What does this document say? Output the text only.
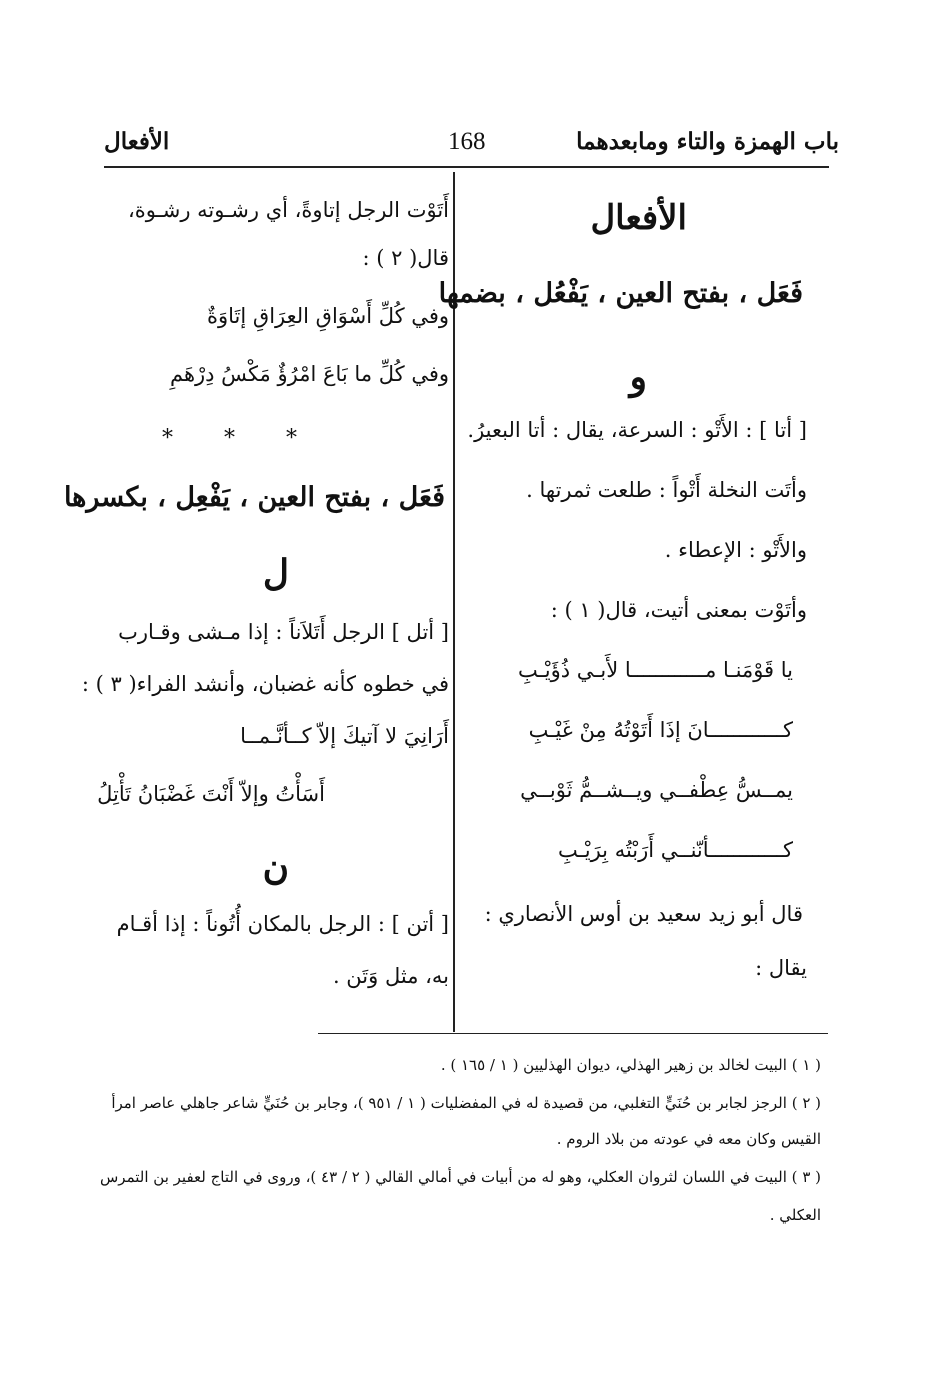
باب الهمزة والتاء ومابعدهما
168
الأفعال
الأفعال
فَعَل ، بفتح العين ، يَفْعُل ، بضمها
و
[ أتا ] : الأَتْو : السرعة، يقال : أتا البعيرُ.
وأتَت النخلة أَتْواً : طلعت ثمرتها .
والأَتْو : الإعطاء .
وأتَوْت بمعنى أتيت، قال( ١ ) :
يا قَوْمَنـا مــــــــــــا لأَبـي ذُؤَيْـبِ
كــــــــــــانَ إذَا أَتَوْتُهُ مِنْ غَيْـبِ
يمــسُّ عِطْفــي ويــشــمُّ ثَوْبــي
كــــــــــــأنّنــي أَرَبْتُه بِرَيْـبِ
قال أبو زيد سعيد بن أوس الأنصاري :
يقال :
أَتَوْت الرجل إتاوةً، أي رشـوته رشـوة،
قال( ٢ ) :
وفي كُلِّ أَسْوَاقِ العِرَاقِ إتَاوَةٌ
وفي كُلِّ ما بَاعَ امْرُؤٌ مَكْسُ دِرْهَمِ
* * *
فَعَل ، بفتح العين ، يَفْعِل ، بكسرها
ل
[ أتل ] الرجل أَتَلاَناً : إذا مـشى وقـارب
في خطوه كأنه غضبان، وأنشد الفراء( ٣ ) :
أَرَانِيَ لا آتيكَ إلاّ كــأنَّـمــا
أَسَأْتُ وإلاّ أَنْتَ غَضْبَانُ تَأْتِلُ
ن
[ أتن ] : الرجل بالمكان أُتُوناً : إذا أقـام
به، مثل وَتَن .
( ١ ) البيت لخالد بن زهير الهذلي، ديوان الهذليين ( ١ / ١٦٥ ) .
( ٢ ) الرجز لجابر بن حُنَيٍّ التغلبي، من قصيدة له في المفضليات ( ١ / ٩٥١ )، وجابر بن حُنَيٍّ شاعر جاهلي عاصر امرأ
القيس وكان معه في عودته من بلاد الروم .
( ٣ ) البيت في اللسان لثروان العكلي، وهو له من أبيات في أمالي القالي ( ٢ / ٤٣ )، وروى في التاج لعفير بن التمرس
العكلي .
